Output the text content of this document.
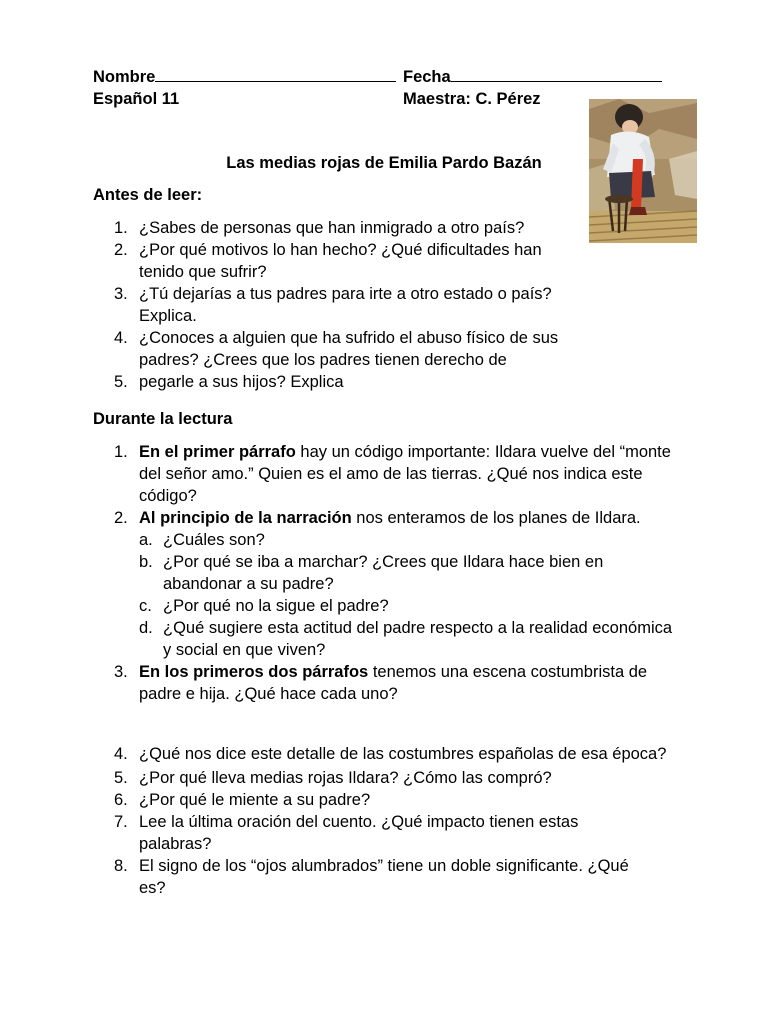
Nombre	Fecha
Español 11	Maestra: C. Pérez
Las medias rojas de Emilia Pardo Bazán
Antes de leer:
1. ¿Sabes de personas que han inmigrado a otro país?
2. ¿Por qué motivos lo han hecho? ¿Qué dificultades han tenido que sufrir?
3. ¿Tú dejarías a tus padres para irte a otro estado o país? Explica.
4. ¿Conoces a alguien que ha sufrido el abuso físico de sus padres? ¿Crees que los padres tienen derecho de
5. pegarle a sus hijos? Explica
Durante la lectura
1. En el primer párrafo hay un código importante: Ildara vuelve del “monte del señor amo.” Quien es el amo de las tierras. ¿Qué nos indica este código?
2. Al principio de la narración nos enteramos de los planes de Ildara.
a. ¿Cuáles son?
b. ¿Por qué se iba a marchar? ¿Crees que Ildara hace bien en abandonar a su padre?
c. ¿Por qué no la sigue el padre?
d. ¿Qué sugiere esta actitud del padre respecto a la realidad económica y social en que viven?
3. En los primeros dos párrafos tenemos una escena costumbrista de padre e hija. ¿Qué hace cada uno?
4. ¿Qué nos dice este detalle de las costumbres españolas de esa época?
5. ¿Por qué lleva medias rojas Ildara? ¿Cómo las compró?
6. ¿Por qué le miente a su padre?
7. Lee la última oración del cuento. ¿Qué impacto tienen estas palabras?
8. El signo de los “ojos alumbrados” tiene un doble significante. ¿Qué es?
